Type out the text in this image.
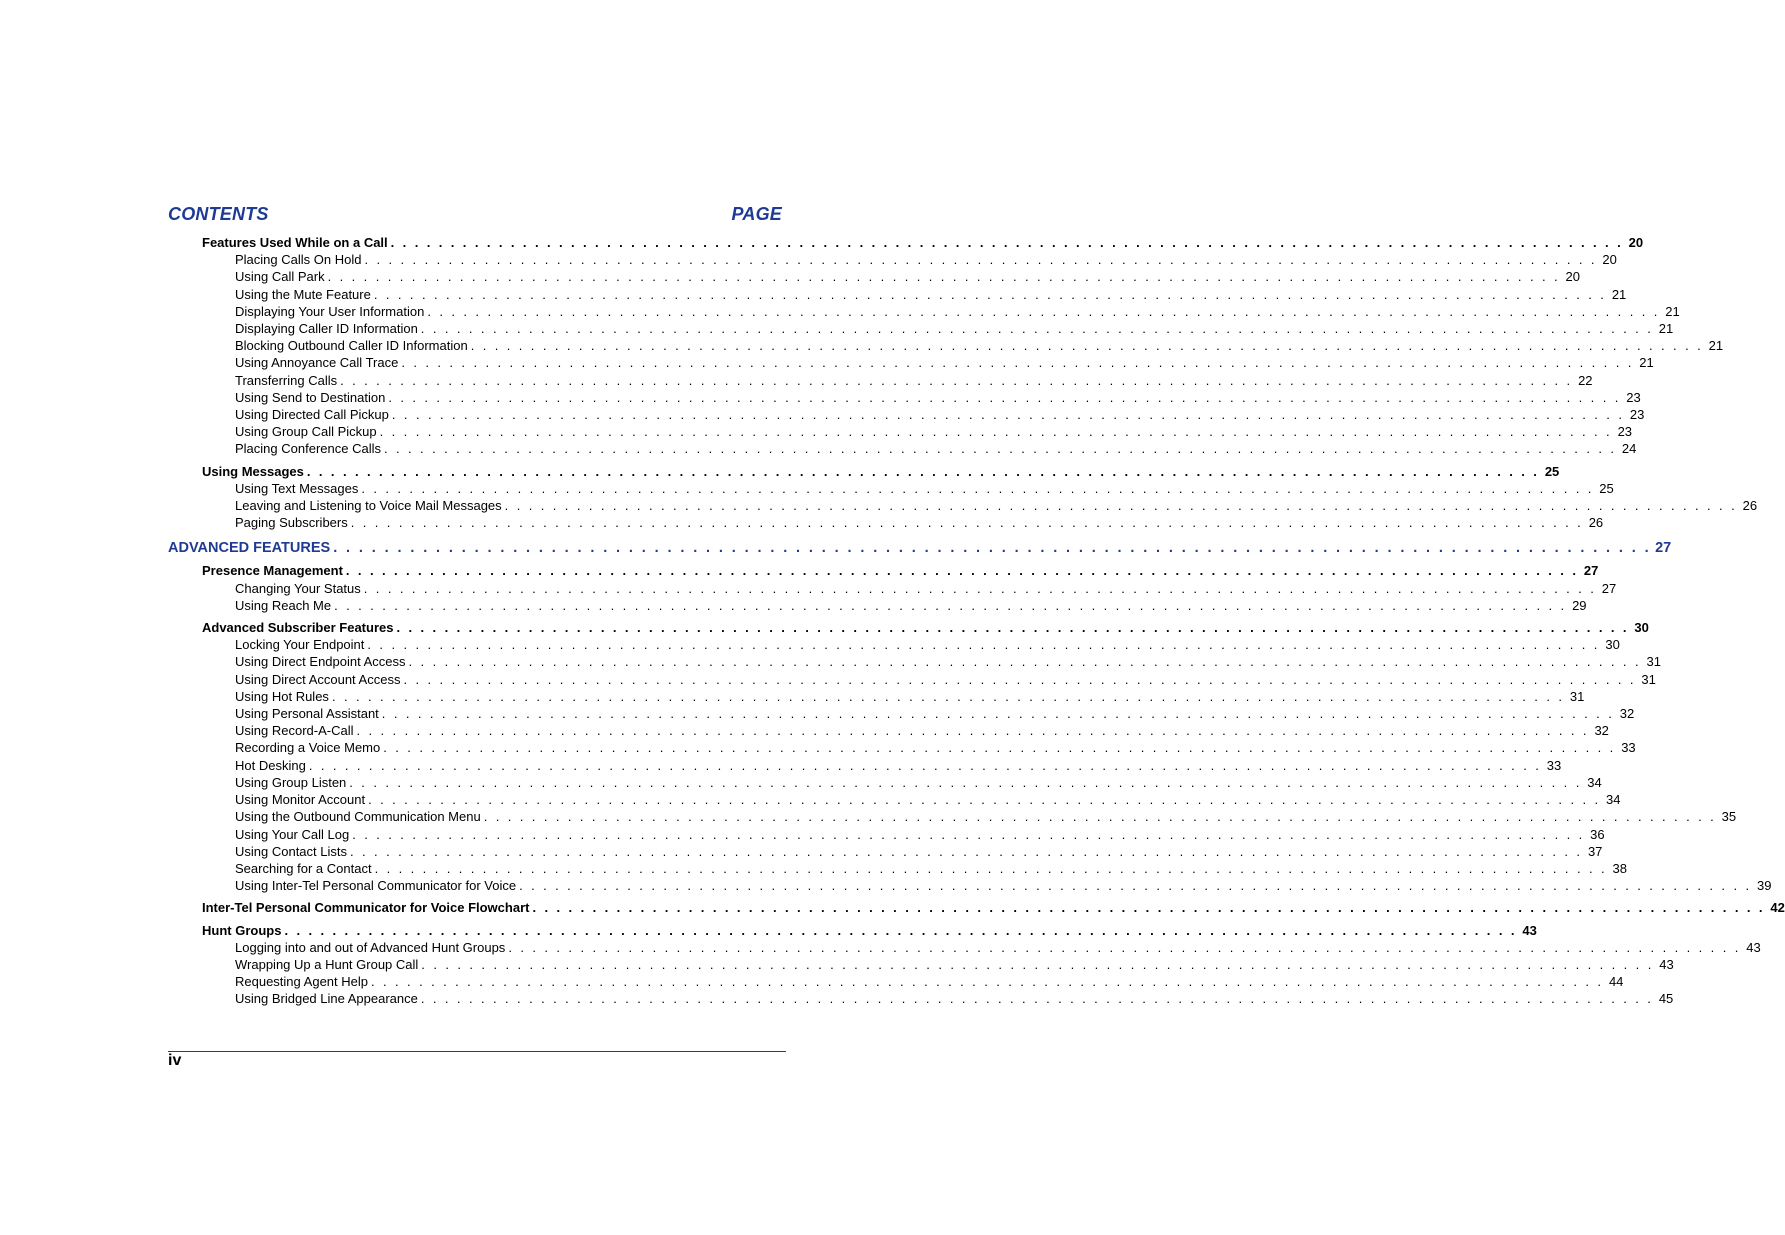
CONTENTS	PAGE
Features Used While on a Call . . . . . . . . . . . . . . . . . . . . . . . . . . . . . . . . . . . . . . . . . . . . . . . . . . . . . . . . . . . . . . . . . . . . . . . . . . . . . . . . . . . . . . . . . . . . . . . . . . . . . . . 20
Placing Calls On Hold . . . . . . . . . . . . . . . . . . . . . . . . . . . . . . . . . . . . . . . . . . . . . . . . . . . . . . . . . . . . . . . . . . . . . . . . . . . . . . . . . . . . . . . . . . . . . . . . . . . . . . . 20
Using Call Park . . . . . . . . . . . . . . . . . . . . . . . . . . . . . . . . . . . . . . . . . . . . . . . . . . . . . . . . . . . . . . . . . . . . . . . . . . . . . . . . . . . . . . . . . . . . . . . . . . . . . . . 20
Using the Mute Feature . . . . . . . . . . . . . . . . . . . . . . . . . . . . . . . . . . . . . . . . . . . . . . . . . . . . . . . . . . . . . . . . . . . . . . . . . . . . . . . . . . . . . . . . . . . . . . . . . . . . . . . 21
Displaying Your User Information . . . . . . . . . . . . . . . . . . . . . . . . . . . . . . . . . . . . . . . . . . . . . . . . . . . . . . . . . . . . . . . . . . . . . . . . . . . . . . . . . . . . . . . . . . . . . . . . . . . . . . . 21
Displaying Caller ID Information . . . . . . . . . . . . . . . . . . . . . . . . . . . . . . . . . . . . . . . . . . . . . . . . . . . . . . . . . . . . . . . . . . . . . . . . . . . . . . . . . . . . . . . . . . . . . . . . . . . . . . . 21
Blocking Outbound Caller ID Information . . . . . . . . . . . . . . . . . . . . . . . . . . . . . . . . . . . . . . . . . . . . . . . . . . . . . . . . . . . . . . . . . . . . . . . . . . . . . . . . . . . . . . . . . . . . . . . . . . . . . . . 21
Using Annoyance Call Trace . . . . . . . . . . . . . . . . . . . . . . . . . . . . . . . . . . . . . . . . . . . . . . . . . . . . . . . . . . . . . . . . . . . . . . . . . . . . . . . . . . . . . . . . . . . . . . . . . . . . . . . 21
Transferring Calls . . . . . . . . . . . . . . . . . . . . . . . . . . . . . . . . . . . . . . . . . . . . . . . . . . . . . . . . . . . . . . . . . . . . . . . . . . . . . . . . . . . . . . . . . . . . . . . . . . . . . . . 22
Using Send to Destination . . . . . . . . . . . . . . . . . . . . . . . . . . . . . . . . . . . . . . . . . . . . . . . . . . . . . . . . . . . . . . . . . . . . . . . . . . . . . . . . . . . . . . . . . . . . . . . . . . . . . . . 23
Using Directed Call Pickup . . . . . . . . . . . . . . . . . . . . . . . . . . . . . . . . . . . . . . . . . . . . . . . . . . . . . . . . . . . . . . . . . . . . . . . . . . . . . . . . . . . . . . . . . . . . . . . . . . . . . . . 23
Using Group Call Pickup . . . . . . . . . . . . . . . . . . . . . . . . . . . . . . . . . . . . . . . . . . . . . . . . . . . . . . . . . . . . . . . . . . . . . . . . . . . . . . . . . . . . . . . . . . . . . . . . . . . . . . . 23
Placing Conference Calls . . . . . . . . . . . . . . . . . . . . . . . . . . . . . . . . . . . . . . . . . . . . . . . . . . . . . . . . . . . . . . . . . . . . . . . . . . . . . . . . . . . . . . . . . . . . . . . . . . . . . . . 24
Using Messages . . . . . . . . . . . . . . . . . . . . . . . . . . . . . . . . . . . . . . . . . . . . . . . . . . . . . . . . . . . . . . . . . . . . . . . . . . . . . . . . . . . . . . . . . . . . . . . . . . . . . . . 25
Using Text Messages . . . . . . . . . . . . . . . . . . . . . . . . . . . . . . . . . . . . . . . . . . . . . . . . . . . . . . . . . . . . . . . . . . . . . . . . . . . . . . . . . . . . . . . . . . . . . . . . . . . . . . . 25
Leaving and Listening to Voice Mail Messages . . . . . . . . . . . . . . . . . . . . . . . . . . . . . . . . . . . . . . . . . . . . . . . . . . . . . . . . . . . . . . . . . . . . . . . . . . . . . . . . . . . . . . . . . . . . . . . . . . . . . . . 26
Paging Subscribers . . . . . . . . . . . . . . . . . . . . . . . . . . . . . . . . . . . . . . . . . . . . . . . . . . . . . . . . . . . . . . . . . . . . . . . . . . . . . . . . . . . . . . . . . . . . . . . . . . . . . . . 26
ADVANCED FEATURES . . . . . . . . . . . . . . . . . . . . . . . . . . . . . . . . . . . . . . . . . . . . . . . . . . . . . . . . . . . . . . . . . . . . . . . . . . . . . . . . . . . . . . . . . . . . . . . . . . . . . . . 27
Presence Management . . . . . . . . . . . . . . . . . . . . . . . . . . . . . . . . . . . . . . . . . . . . . . . . . . . . . . . . . . . . . . . . . . . . . . . . . . . . . . . . . . . . . . . . . . . . . . . . . . . . . . . 27
Changing Your Status . . . . . . . . . . . . . . . . . . . . . . . . . . . . . . . . . . . . . . . . . . . . . . . . . . . . . . . . . . . . . . . . . . . . . . . . . . . . . . . . . . . . . . . . . . . . . . . . . . . . . . . 27
Using Reach Me . . . . . . . . . . . . . . . . . . . . . . . . . . . . . . . . . . . . . . . . . . . . . . . . . . . . . . . . . . . . . . . . . . . . . . . . . . . . . . . . . . . . . . . . . . . . . . . . . . . . . . . 29
Advanced Subscriber Features . . . . . . . . . . . . . . . . . . . . . . . . . . . . . . . . . . . . . . . . . . . . . . . . . . . . . . . . . . . . . . . . . . . . . . . . . . . . . . . . . . . . . . . . . . . . . . . . . . . . . . . 30
Locking Your Endpoint . . . . . . . . . . . . . . . . . . . . . . . . . . . . . . . . . . . . . . . . . . . . . . . . . . . . . . . . . . . . . . . . . . . . . . . . . . . . . . . . . . . . . . . . . . . . . . . . . . . . . . . 30
Using Direct Endpoint Access . . . . . . . . . . . . . . . . . . . . . . . . . . . . . . . . . . . . . . . . . . . . . . . . . . . . . . . . . . . . . . . . . . . . . . . . . . . . . . . . . . . . . . . . . . . . . . . . . . . . . . . 31
Using Direct Account Access . . . . . . . . . . . . . . . . . . . . . . . . . . . . . . . . . . . . . . . . . . . . . . . . . . . . . . . . . . . . . . . . . . . . . . . . . . . . . . . . . . . . . . . . . . . . . . . . . . . . . . . 31
Using Hot Rules . . . . . . . . . . . . . . . . . . . . . . . . . . . . . . . . . . . . . . . . . . . . . . . . . . . . . . . . . . . . . . . . . . . . . . . . . . . . . . . . . . . . . . . . . . . . . . . . . . . . . . . 31
Using Personal Assistant . . . . . . . . . . . . . . . . . . . . . . . . . . . . . . . . . . . . . . . . . . . . . . . . . . . . . . . . . . . . . . . . . . . . . . . . . . . . . . . . . . . . . . . . . . . . . . . . . . . . . . . 32
Using Record-A-Call . . . . . . . . . . . . . . . . . . . . . . . . . . . . . . . . . . . . . . . . . . . . . . . . . . . . . . . . . . . . . . . . . . . . . . . . . . . . . . . . . . . . . . . . . . . . . . . . . . . . . . . 32
Recording a Voice Memo . . . . . . . . . . . . . . . . . . . . . . . . . . . . . . . . . . . . . . . . . . . . . . . . . . . . . . . . . . . . . . . . . . . . . . . . . . . . . . . . . . . . . . . . . . . . . . . . . . . . . . . 33
Hot Desking . . . . . . . . . . . . . . . . . . . . . . . . . . . . . . . . . . . . . . . . . . . . . . . . . . . . . . . . . . . . . . . . . . . . . . . . . . . . . . . . . . . . . . . . . . . . . . . . . . . . . . . 33
Using Group Listen . . . . . . . . . . . . . . . . . . . . . . . . . . . . . . . . . . . . . . . . . . . . . . . . . . . . . . . . . . . . . . . . . . . . . . . . . . . . . . . . . . . . . . . . . . . . . . . . . . . . . . . 34
Using Monitor Account . . . . . . . . . . . . . . . . . . . . . . . . . . . . . . . . . . . . . . . . . . . . . . . . . . . . . . . . . . . . . . . . . . . . . . . . . . . . . . . . . . . . . . . . . . . . . . . . . . . . . . . 34
Using the Outbound Communication Menu . . . . . . . . . . . . . . . . . . . . . . . . . . . . . . . . . . . . . . . . . . . . . . . . . . . . . . . . . . . . . . . . . . . . . . . . . . . . . . . . . . . . . . . . . . . . . . . . . . . . . . . 35
Using Your Call Log . . . . . . . . . . . . . . . . . . . . . . . . . . . . . . . . . . . . . . . . . . . . . . . . . . . . . . . . . . . . . . . . . . . . . . . . . . . . . . . . . . . . . . . . . . . . . . . . . . . . . . . 36
Using Contact Lists . . . . . . . . . . . . . . . . . . . . . . . . . . . . . . . . . . . . . . . . . . . . . . . . . . . . . . . . . . . . . . . . . . . . . . . . . . . . . . . . . . . . . . . . . . . . . . . . . . . . . . . 37
Searching for a Contact . . . . . . . . . . . . . . . . . . . . . . . . . . . . . . . . . . . . . . . . . . . . . . . . . . . . . . . . . . . . . . . . . . . . . . . . . . . . . . . . . . . . . . . . . . . . . . . . . . . . . . . 38
Using Inter-Tel Personal Communicator for Voice . . . . . . . . . . . . . . . . . . . . . . . . . . . . . . . . . . . . . . . . . . . . . . . . . . . . . . . . . . . . . . . . . . . . . . . . . . . . . . . . . . . . . . . . . . . . . . . . . . . . . . . 39
Inter-Tel Personal Communicator for Voice Flowchart . . . . . . . . . . . . . . . . . . . . . . . . . . . . . . . . . . . . . . . . . . . . . . . . . . . . . . . . . . . . . . . . . . . . . . . . . . . . . . . . . . . . . . . . . . . . . . . . . . . . . . . 42
Hunt Groups . . . . . . . . . . . . . . . . . . . . . . . . . . . . . . . . . . . . . . . . . . . . . . . . . . . . . . . . . . . . . . . . . . . . . . . . . . . . . . . . . . . . . . . . . . . . . . . . . . . . . . . 43
Logging into and out of Advanced Hunt Groups . . . . . . . . . . . . . . . . . . . . . . . . . . . . . . . . . . . . . . . . . . . . . . . . . . . . . . . . . . . . . . . . . . . . . . . . . . . . . . . . . . . . . . . . . . . . . . . . . . . . . . . 43
Wrapping Up a Hunt Group Call . . . . . . . . . . . . . . . . . . . . . . . . . . . . . . . . . . . . . . . . . . . . . . . . . . . . . . . . . . . . . . . . . . . . . . . . . . . . . . . . . . . . . . . . . . . . . . . . . . . . . . . 43
Requesting Agent Help . . . . . . . . . . . . . . . . . . . . . . . . . . . . . . . . . . . . . . . . . . . . . . . . . . . . . . . . . . . . . . . . . . . . . . . . . . . . . . . . . . . . . . . . . . . . . . . . . . . . . . . 44
Using Bridged Line Appearance . . . . . . . . . . . . . . . . . . . . . . . . . . . . . . . . . . . . . . . . . . . . . . . . . . . . . . . . . . . . . . . . . . . . . . . . . . . . . . . . . . . . . . . . . . . . . . . . . . . . . . . 45
iv
